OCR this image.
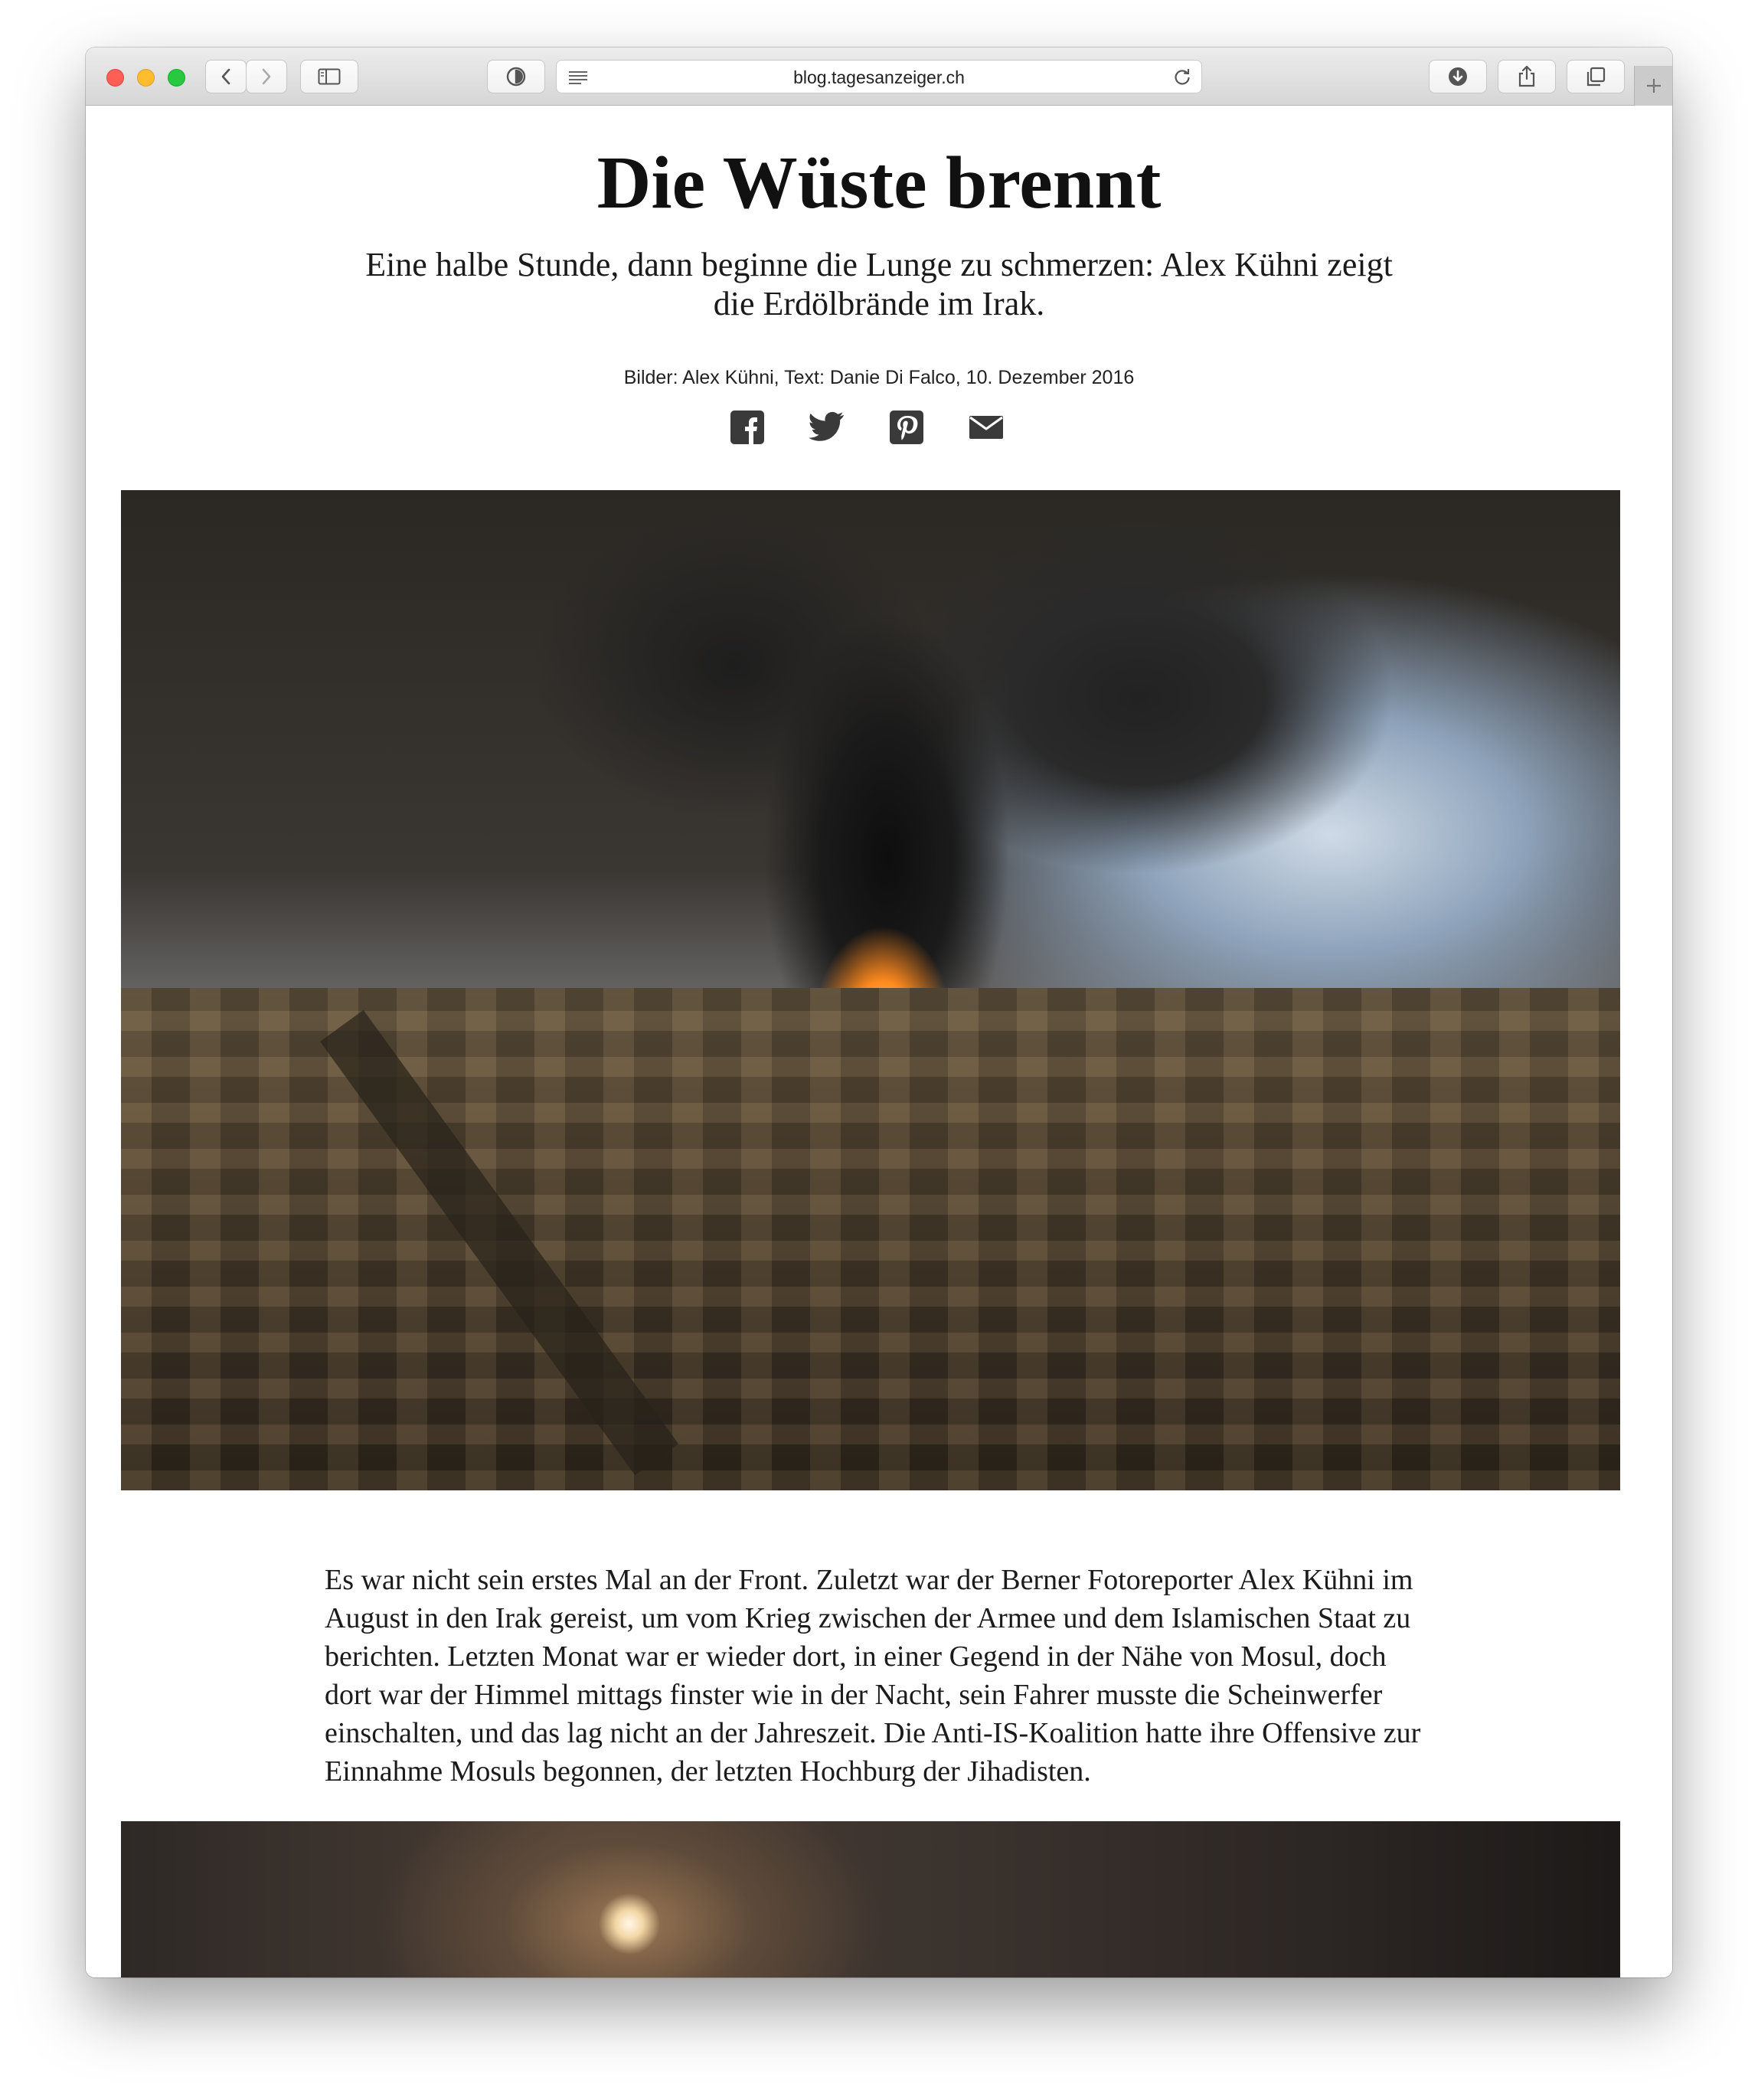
blog.tagesanzeiger.ch
Die Wüste brennt

Eine halbe Stunde, dann beginne die Lunge zu schmerzen: Alex Kühni zeigt die Erdölbrände im Irak.

Bilder: Alex Kühni, Text: Danie Di Falco, 10. Dezember 2016

Es war nicht sein erstes Mal an der Front. Zuletzt war der Berner Fotoreporter Alex Kühni im August in den Irak gereist, um vom Krieg zwischen der Armee und dem Islamischen Staat zu berichten. Letzten Monat war er wieder dort, in einer Gegend in der Nähe von Mosul, doch dort war der Himmel mittags finster wie in der Nacht, sein Fahrer musste die Scheinwerfer einschalten, und das lag nicht an der Jahreszeit. Die Anti-IS-Koalition hatte ihre Offensive zur Einnahme Mosuls begonnen, der letzten Hochburg der Jihadisten.
